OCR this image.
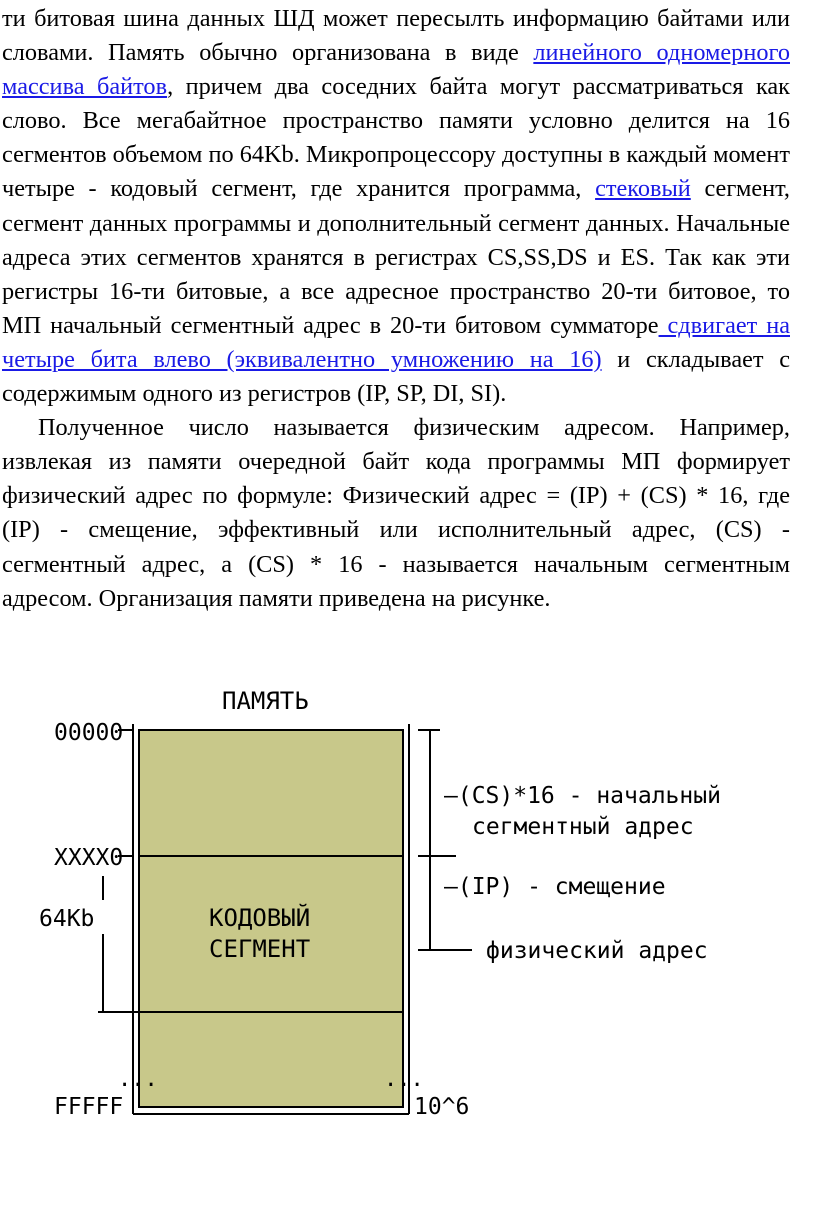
ти битовая шина данных ШД может пересылть информацию байтами или словами. Память обычно организована в виде линейного одномерного массива байтов, причем два соседних байта могут рассматриваться как слово. Все мегабайтное пространство памяти условно делится на 16 сегментов объемом по 64Kb. Микропроцессору доступны в каждый момент четыре - кодовый сегмент, где хранится программа, стековый сегмент, сегмент данных программы и дополнительный сегмент данных. Начальные адреса этих сегментов хранятся в регистрах CS,SS,DS и ES. Так как эти регистры 16-ти битовые, а все адресное пространство 20-ти битовое, то МП начальный сегментный адрес в 20-ти битовом сумматоре сдвигает на четыре бита влево (эквивалентно умножению на 16) и складывает с содержимым одного из регистров (IP, SP, DI, SI).

Полученное число называется физическим адресом. Например, извлекая из памяти очередной байт кода программы МП формирует физический адрес по формуле: Физический адрес = (IP) + (CS) * 16, где (IP) - смещение, эффективный или исполнительный адрес, (CS) - сегментный адрес, а (CS) * 16 - называется начальным сегментным адресом. Организация памяти приведена на рисунке.

ПАМЯТЬ
00000
XXXX0
64Kb	КОДОВЫЙ
СЕГМЕНТ
...	...
FFFFF	10^6
—(CS)*16 - начальный
сегментный адрес
—(IP) - смещение
физический адрес
